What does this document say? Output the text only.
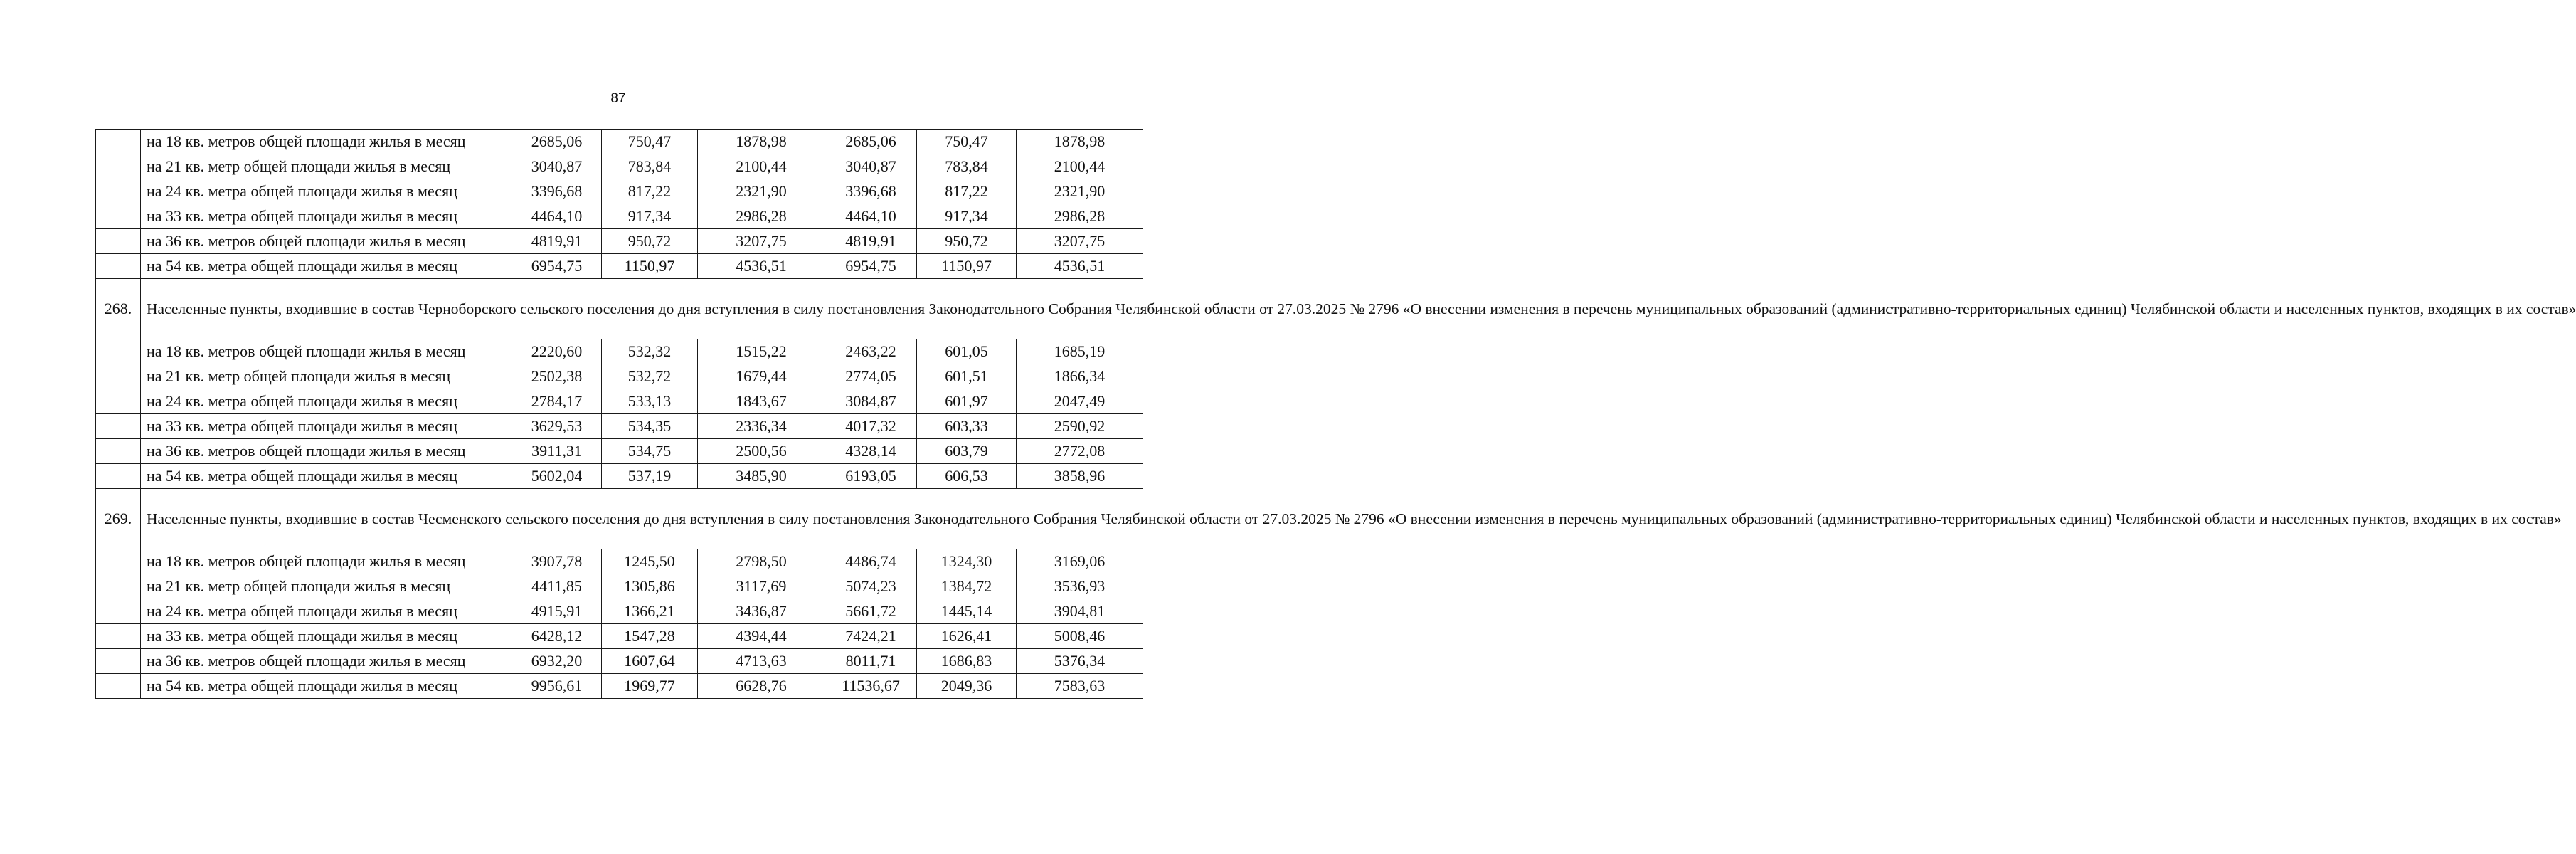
87
	на 18 кв. метров общей площади жилья в месяц	2685,06	750,47	1878,98	2685,06	750,47	1878,98
	на 21 кв. метр общей площади жилья в месяц	3040,87	783,84	2100,44	3040,87	783,84	2100,44
	на 24 кв. метра общей площади жилья в месяц	3396,68	817,22	2321,90	3396,68	817,22	2321,90
	на 33 кв. метра общей площади жилья в месяц	4464,10	917,34	2986,28	4464,10	917,34	2986,28
	на 36 кв. метров общей площади жилья в месяц	4819,91	950,72	3207,75	4819,91	950,72	3207,75
	на 54 кв. метра общей площади жилья в месяц	6954,75	1150,97	4536,51	6954,75	1150,97	4536,51
268.	Населенные пункты, входившие в состав Черноборского сельского поселения до дня вступления в силу постановления Законодательного Собрания Челябинской области от 27.03.2025 № 2796 «О внесении изменения в перечень муниципальных образований (административно-территориальных единиц) Челябинской области и населенных пунктов, входящих в их состав»						
	на 18 кв. метров общей площади жилья в месяц	2220,60	532,32	1515,22	2463,22	601,05	1685,19
	на 21 кв. метр общей площади жилья в месяц	2502,38	532,72	1679,44	2774,05	601,51	1866,34
	на 24 кв. метра общей площади жилья в месяц	2784,17	533,13	1843,67	3084,87	601,97	2047,49
	на 33 кв. метра общей площади жилья в месяц	3629,53	534,35	2336,34	4017,32	603,33	2590,92
	на 36 кв. метров общей площади жилья в месяц	3911,31	534,75	2500,56	4328,14	603,79	2772,08
	на 54 кв. метра общей площади жилья в месяц	5602,04	537,19	3485,90	6193,05	606,53	3858,96
269.	Населенные пункты, входившие в состав Чесменского сельского поселения до дня вступления в силу постановления Законодательного Собрания Челябинской области от 27.03.2025 № 2796 «О внесении изменения в перечень муниципальных образований (административно-территориальных единиц) Челябинской области и населенных пунктов, входящих в их состав»						
	на 18 кв. метров общей площади жилья в месяц	3907,78	1245,50	2798,50	4486,74	1324,30	3169,06
	на 21 кв. метр общей площади жилья в месяц	4411,85	1305,86	3117,69	5074,23	1384,72	3536,93
	на 24 кв. метра общей площади жилья в месяц	4915,91	1366,21	3436,87	5661,72	1445,14	3904,81
	на 33 кв. метра общей площади жилья в месяц	6428,12	1547,28	4394,44	7424,21	1626,41	5008,46
	на 36 кв. метров общей площади жилья в месяц	6932,20	1607,64	4713,63	8011,71	1686,83	5376,34
	на 54 кв. метра общей площади жилья в месяц	9956,61	1969,77	6628,76	11536,67	2049,36	7583,63
